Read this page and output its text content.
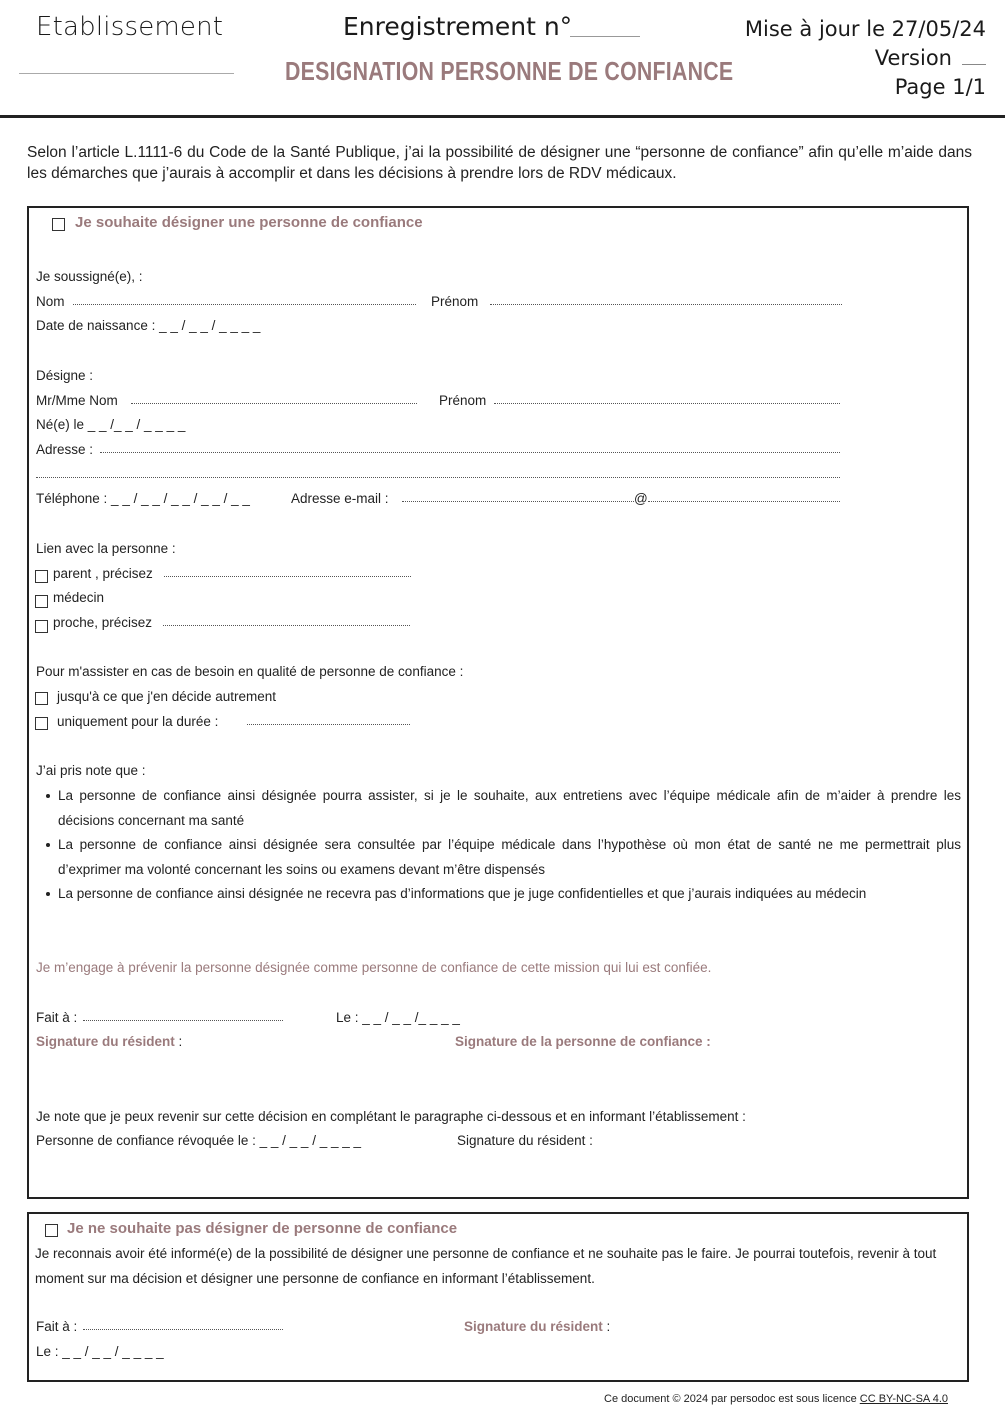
Etablissement	Enregistrement n°
DESIGNATION PERSONNE DE CONFIANCE
Mise à jour le 27/05/24
Version
Page 1/1
Selon l’article L.1111-6 du Code de la Santé Publique, j’ai la possibilité de désigner une “personne de confiance” afin qu’elle m’aide dans les démarches que j’aurais à accomplir et dans les décisions à prendre lors de RDV médicaux.
Je souhaite désigner une personne de confiance
Je soussigné(e), :
Nom	Prénom
Date de naissance : _ _ / _ _ / _ _ _ _
Désigne :
Mr/Mme Nom	Prénom
Né(e) le _ _ /_ _ / _ _ _ _
Adresse :
Téléphone : _ _ / _ _ / _ _ / _ _ / _ _	Adresse e-mail :	@
Lien avec la personne :
parent , précisez
médecin
proche, précisez
Pour m'assister en cas de besoin en qualité de personne de confiance :
jusqu'à ce que j'en décide autrement
uniquement pour la durée :
J’ai pris note que :
La personne de confiance ainsi désignée pourra assister, si je le souhaite, aux entretiens avec l’équipe médicale afin de m’aider à prendre les décisions concernant ma santé
La personne de confiance ainsi désignée sera consultée par l’équipe médicale dans l’hypothèse où mon état de santé ne me permettrait plus d’exprimer ma volonté concernant les soins ou examens devant m’être dispensés
La personne de confiance ainsi désignée ne recevra pas d’informations que je juge confidentielles et que j’aurais indiquées au médecin
Je m’engage à prévenir la personne désignée comme personne de confiance de cette mission qui lui est confiée.
Fait à :	Le : _ _ / _ _ /_ _ _ _
Signature du résident :	Signature de la personne de confiance :
Je note que je peux revenir sur cette décision en complétant le paragraphe ci-dessous et en informant l’établissement :
Personne de confiance révoquée le : _ _ / _ _ / _ _ _ _	Signature du résident :
Je ne souhaite pas désigner de personne de confiance
Je reconnais avoir été informé(e) de la possibilité de désigner une personne de confiance et ne souhaite pas le faire. Je pourrai toutefois, revenir à tout moment sur ma décision et désigner une personne de confiance en informant l’établissement.
Fait à :	Signature du résident :
Le : _ _ / _ _ / _ _ _ _
Ce document © 2024 par persodoc est sous licence CC BY-NC-SA 4.0
